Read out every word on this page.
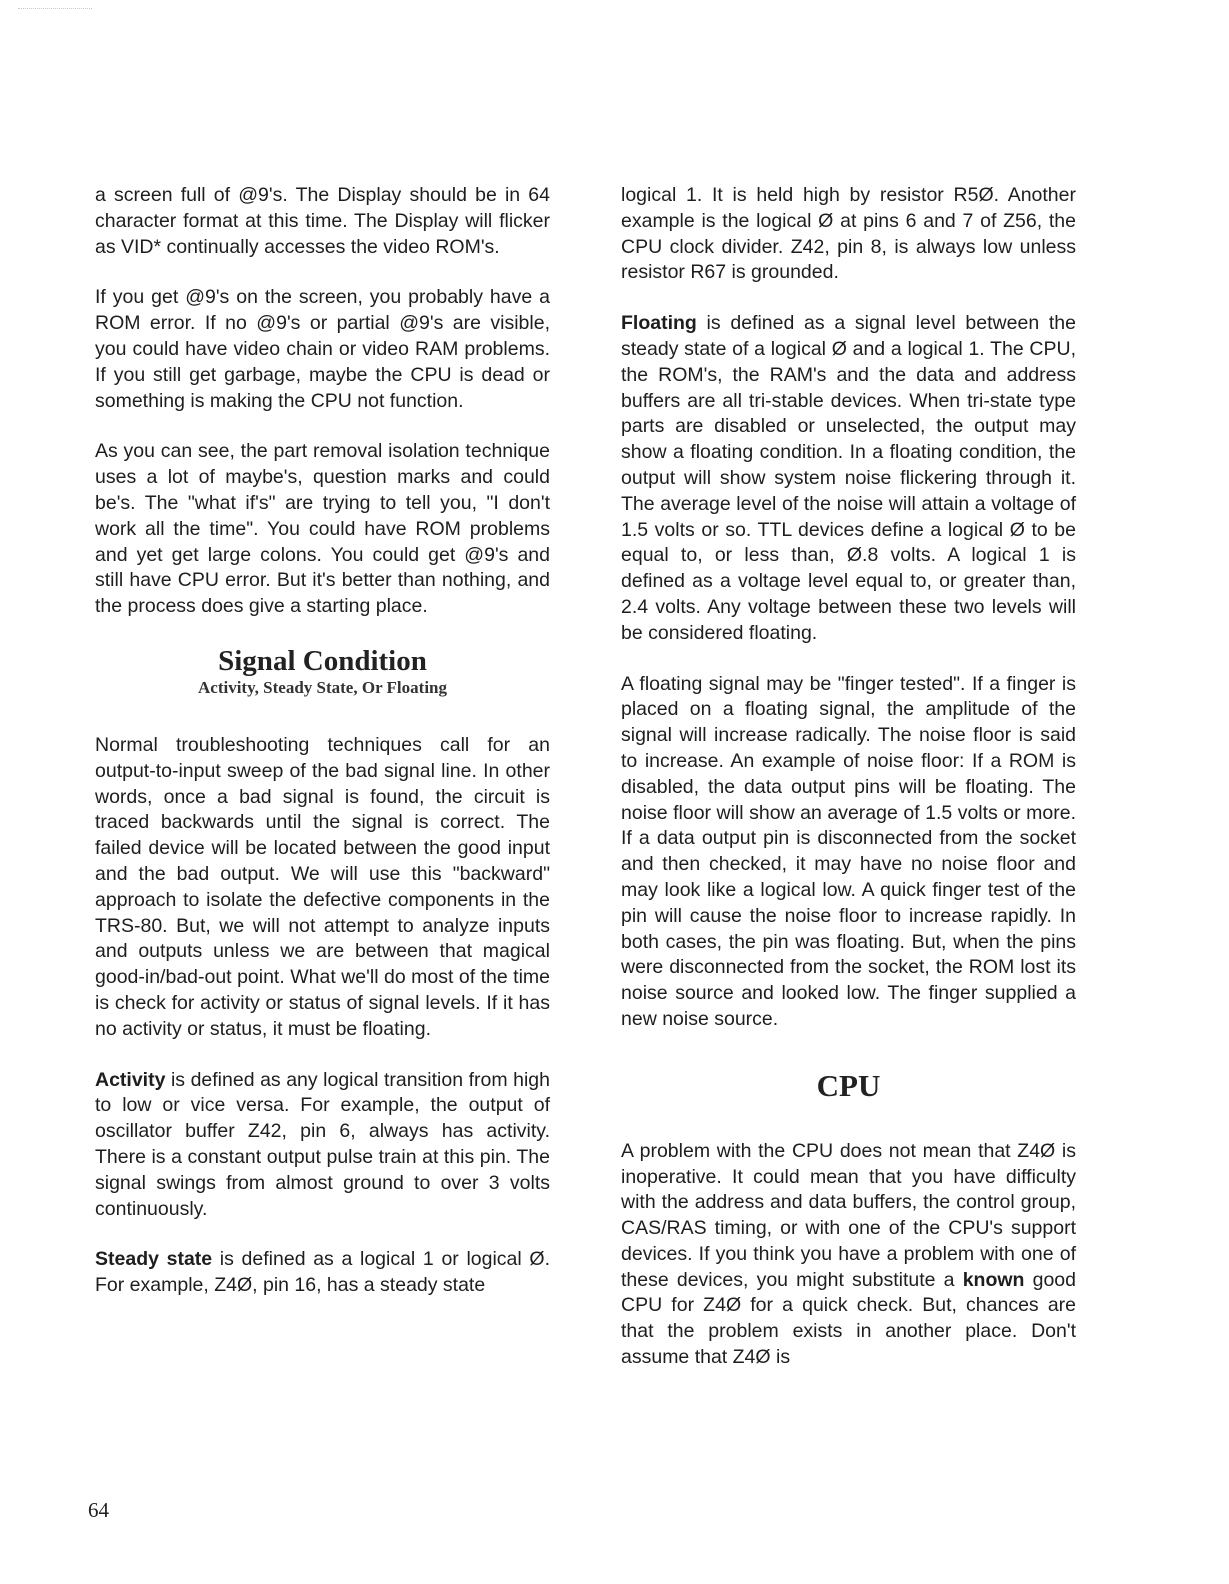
a screen full of @9's. The Display should be in 64 character format at this time. The Display will flicker as VID* continually accesses the video ROM's.

If you get @9's on the screen, you probably have a ROM error. If no @9's or partial @9's are visible, you could have video chain or video RAM problems. If you still get garbage, maybe the CPU is dead or something is making the CPU not function.

As you can see, the part removal isolation technique uses a lot of maybe's, question marks and could be's. The "what if's" are trying to tell you, "I don't work all the time". You could have ROM problems and yet get large colons. You could get @9's and still have CPU error. But it's better than nothing, and the process does give a starting place.

Signal Condition
Activity, Steady State, Or Floating

Normal troubleshooting techniques call for an output-to-input sweep of the bad signal line. In other words, once a bad signal is found, the circuit is traced backwards until the signal is correct. The failed device will be located between the good input and the bad output. We will use this "backward" approach to isolate the defective components in the TRS-80. But, we will not attempt to analyze inputs and outputs unless we are between that magical good-in/bad-out point. What we'll do most of the time is check for activity or status of signal levels. If it has no activity or status, it must be floating.

Activity is defined as any logical transition from high to low or vice versa. For example, the output of oscillator buffer Z42, pin 6, always has activity. There is a constant output pulse train at this pin. The signal swings from almost ground to over 3 volts continuously.

Steady state is defined as a logical 1 or logical Ø. For example, Z4Ø, pin 16, has a steady state

logical 1. It is held high by resistor R5Ø. Another example is the logical Ø at pins 6 and 7 of Z56, the CPU clock divider. Z42, pin 8, is always low unless resistor R67 is grounded.

Floating is defined as a signal level between the steady state of a logical Ø and a logical 1. The CPU, the ROM's, the RAM's and the data and address buffers are all tri-stable devices. When tri-state type parts are disabled or unselected, the output may show a floating condition. In a floating condition, the output will show system noise flickering through it. The average level of the noise will attain a voltage of 1.5 volts or so. TTL devices define a logical Ø to be equal to, or less than, Ø.8 volts. A logical 1 is defined as a voltage level equal to, or greater than, 2.4 volts. Any voltage between these two levels will be considered floating.

A floating signal may be "finger tested". If a finger is placed on a floating signal, the amplitude of the signal will increase radically. The noise floor is said to increase. An example of noise floor: If a ROM is disabled, the data output pins will be floating. The noise floor will show an average of 1.5 volts or more. If a data output pin is disconnected from the socket and then checked, it may have no noise floor and may look like a logical low. A quick finger test of the pin will cause the noise floor to increase rapidly. In both cases, the pin was floating. But, when the pins were disconnected from the socket, the ROM lost its noise source and looked low. The finger supplied a new noise source.

CPU

A problem with the CPU does not mean that Z4Ø is inoperative. It could mean that you have difficulty with the address and data buffers, the control group, CAS/RAS timing, or with one of the CPU's support devices. If you think you have a problem with one of these devices, you might substitute a known good CPU for Z4Ø for a quick check. But, chances are that the problem exists in another place. Don't assume that Z4Ø is

64
